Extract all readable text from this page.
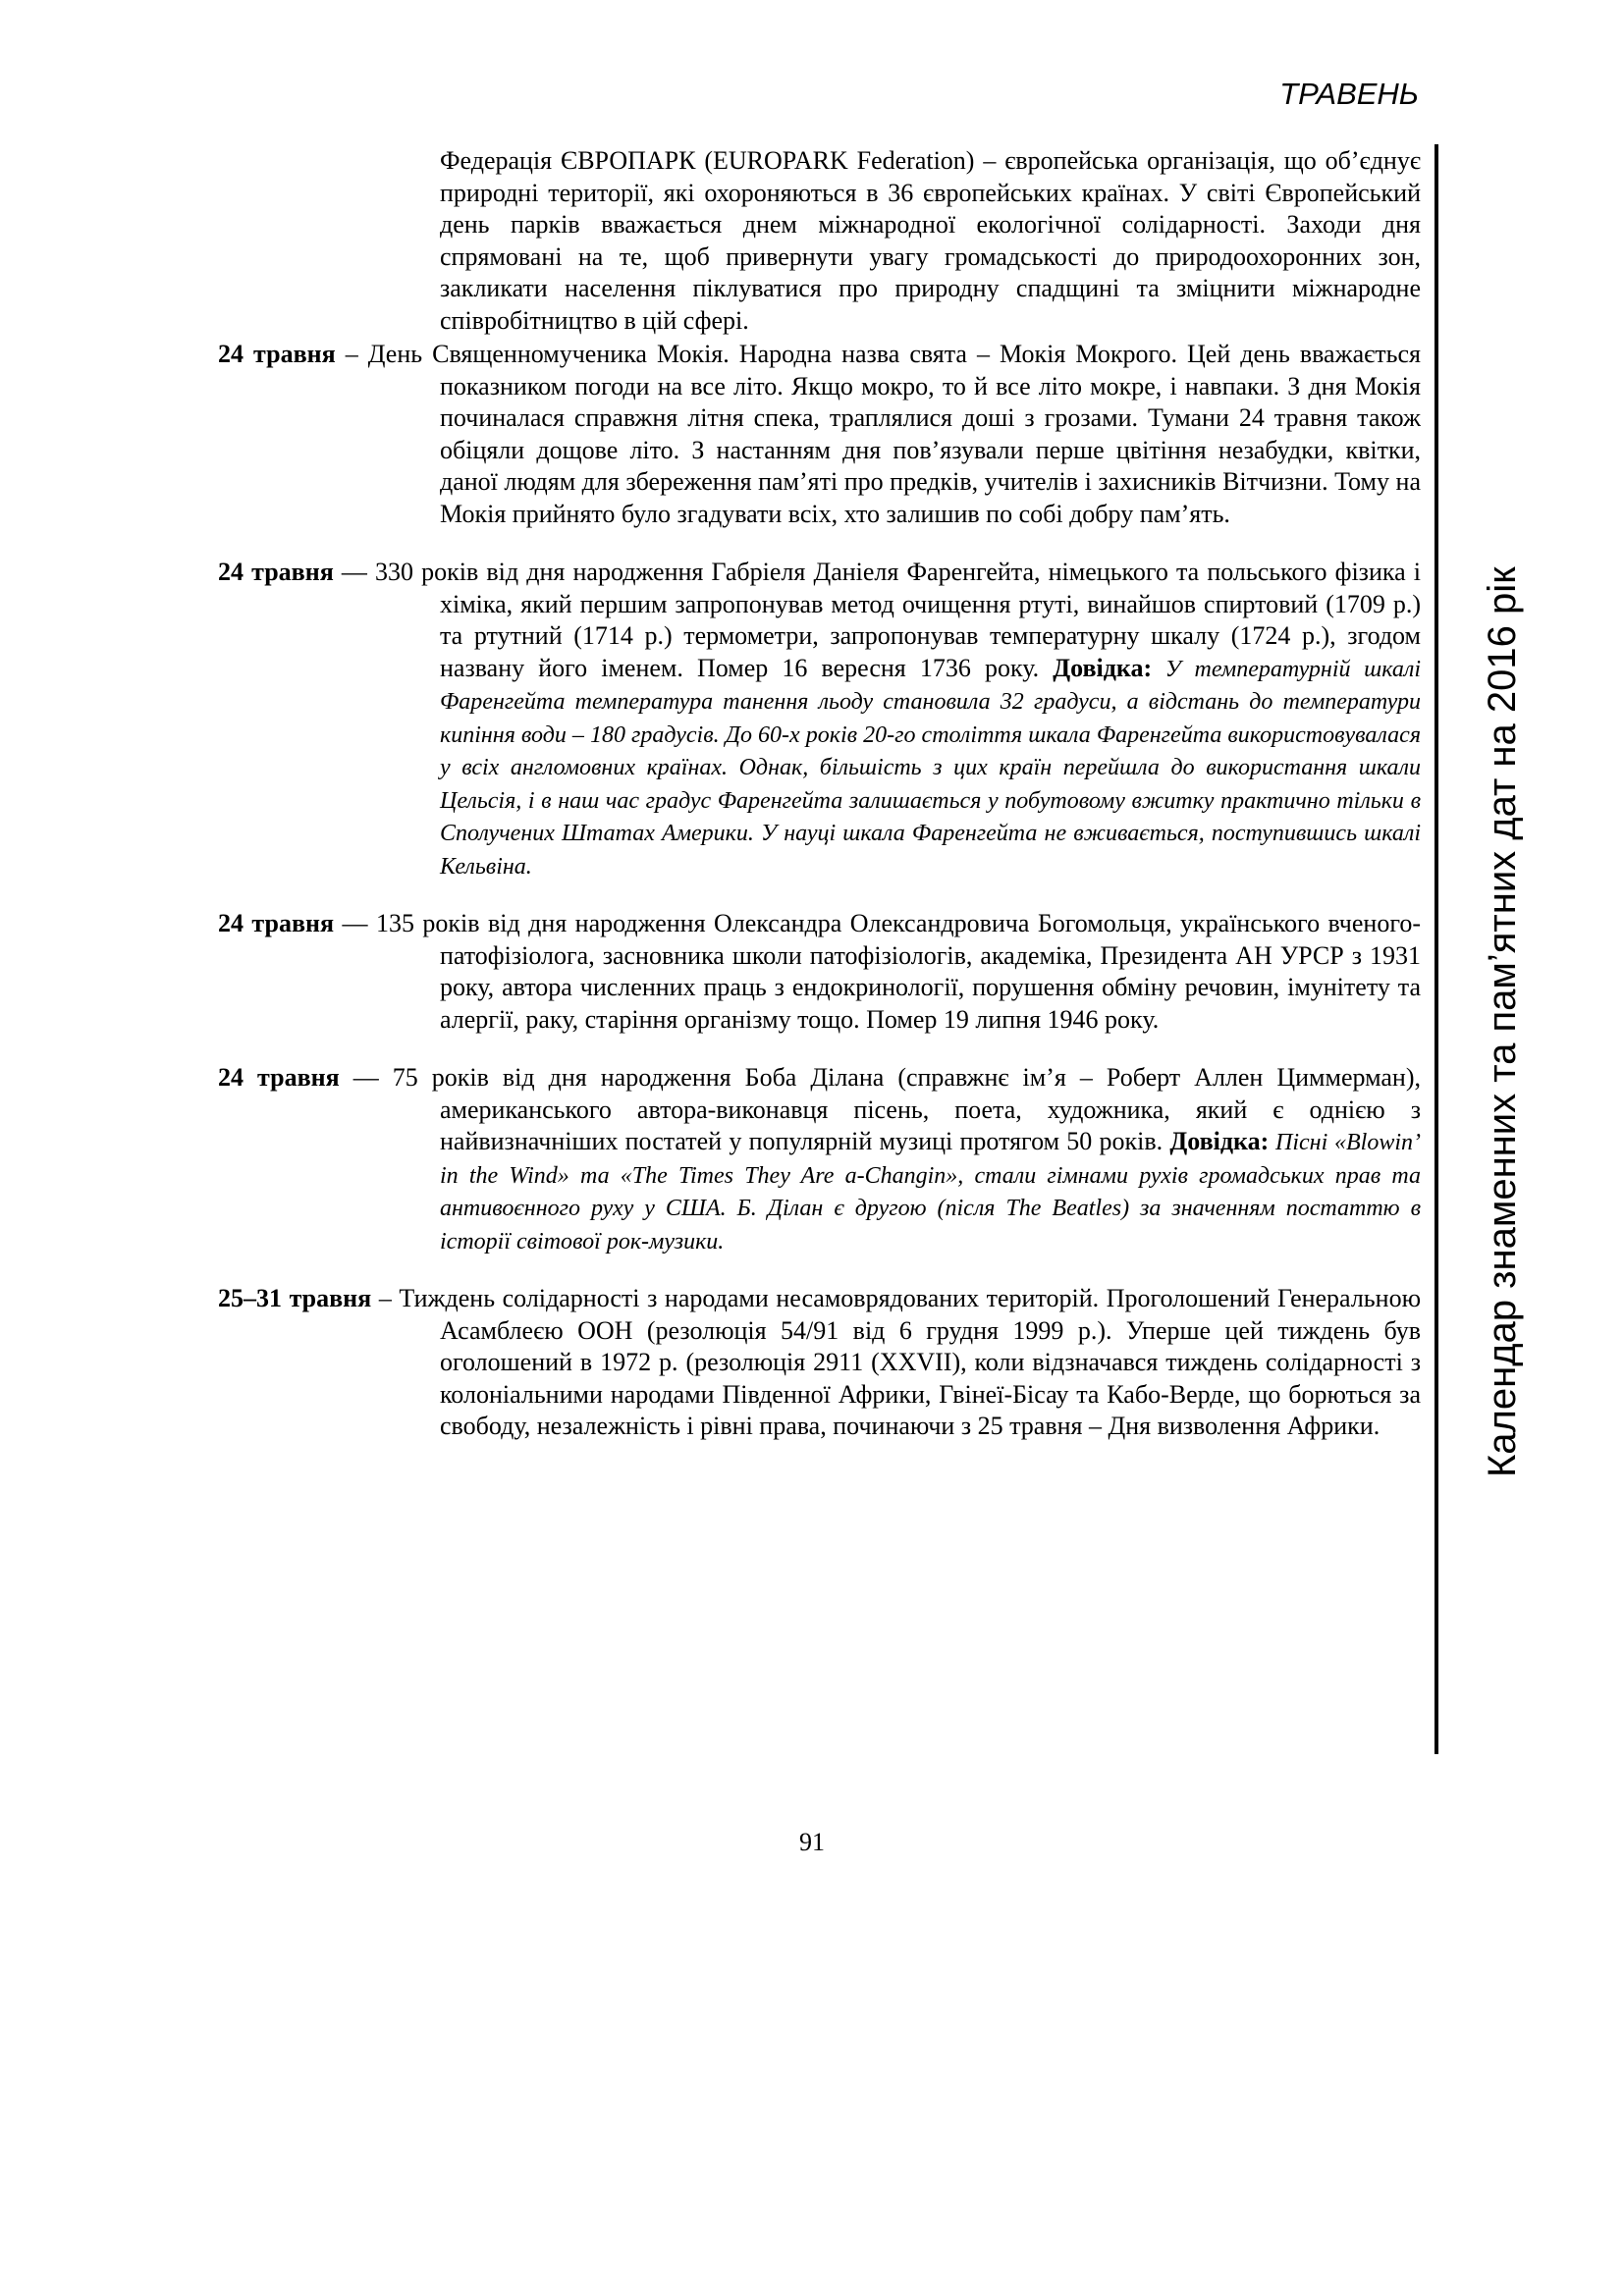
ТРАВЕНЬ

Федерація ЄВРОПАРК (EUROPARK Federation) – європейська організація, що об’єднує природні території, які охороняються в 36 європейських країнах. У світі Європейський день парків вважається днем міжнародної екологічної солідарності. Заходи дня спрямовані на те, щоб привернути увагу громадськості до природоохоронних зон, закликати населення піклуватися про природну спадщині та зміцнити міжнародне співробітництво в цій сфері.

24 травня – День Священномученика Мокія. Народна назва свята – Мокія Мокрого. Цей день вважається показником погоди на все літо. Якщо мокро, то й все літо мокре, і навпаки. З дня Мокія починалася справжня літня спека, траплялися доші з грозами. Тумани 24 травня також обіцяли дощове літо. З настанням дня пов’язували перше цвітіння незабудки, квітки, даної людям для збереження пам’яті про предків, учителів і захисників Вітчизни. Тому на Мокія прийнято було згадувати всіх, хто залишив по собі добру пам’ять.

24 травня — 330 років від дня народження Габріеля Даніеля Фаренгейта, німецького та польського фізика і хіміка, який першим запропонував метод очищення ртуті, винайшов спиртовий (1709 р.) та ртутний (1714 р.) термометри, запропонував температурну шкалу (1724 р.), згодом названу його іменем. Помер 16 вересня 1736 року. Довідка: У температурній шкалі Фаренгейта температура танення льоду становила 32 градуси, а відстань до температури кипіння води – 180 градусів. До 60-х років 20-го століття шкала Фаренгейта використовувалася у всіх англомовних країнах. Однак, більшість з цих країн перейшла до використання шкали Цельсія, і в наш час градус Фаренгейта залишається у побутовому вжитку практично тільки в Сполучених Штатах Америки. У науці шкала Фаренгейта не вживається, поступившись шкалі Кельвіна.

24 травня — 135 років від дня народження Олександра Олександровича Богомольця, українського вченого-патофізіолога, засновника школи патофізіологів, академіка, Президента АН УРСР з 1931 року, автора численних праць з ендокринології, порушення обміну речовин, імунітету та алергії, раку, старіння організму тощо. Помер 19 липня 1946 року.

24 травня — 75 років від дня народження Боба Ділана (справжнє ім’я – Роберт Аллен Циммерман), американського автора-виконавця пісень, поета, художника, який є однією з найвизначніших постатей у популярній музиці протягом 50 років. Довідка: Пісні «Blowin’ in the Wind» та «The Times They Are a-Changin», стали гімнами рухів громадських прав та антивоєнного руху у США. Б. Ділан є другою (після The Beatles) за значенням постаттю в історії світової рок-музики.

25–31 травня – Тиждень солідарності з народами несамоврядованих територій. Проголошений Генеральною Асамблеєю ООН (резолюція 54/91 від 6 грудня 1999 р.). Уперше цей тиждень був оголошений в 1972 р. (резолюція 2911 (XXVII), коли відзначався тиждень солідарності з колоніальними народами Південної Африки, Гвінеї-Бісау та Кабо-Верде, що борються за свободу, незалежність і рівні права, починаючи з 25 травня – Дня визволення Африки.	Календар знаменних та пам’ятних дат на 2016 рік
91
